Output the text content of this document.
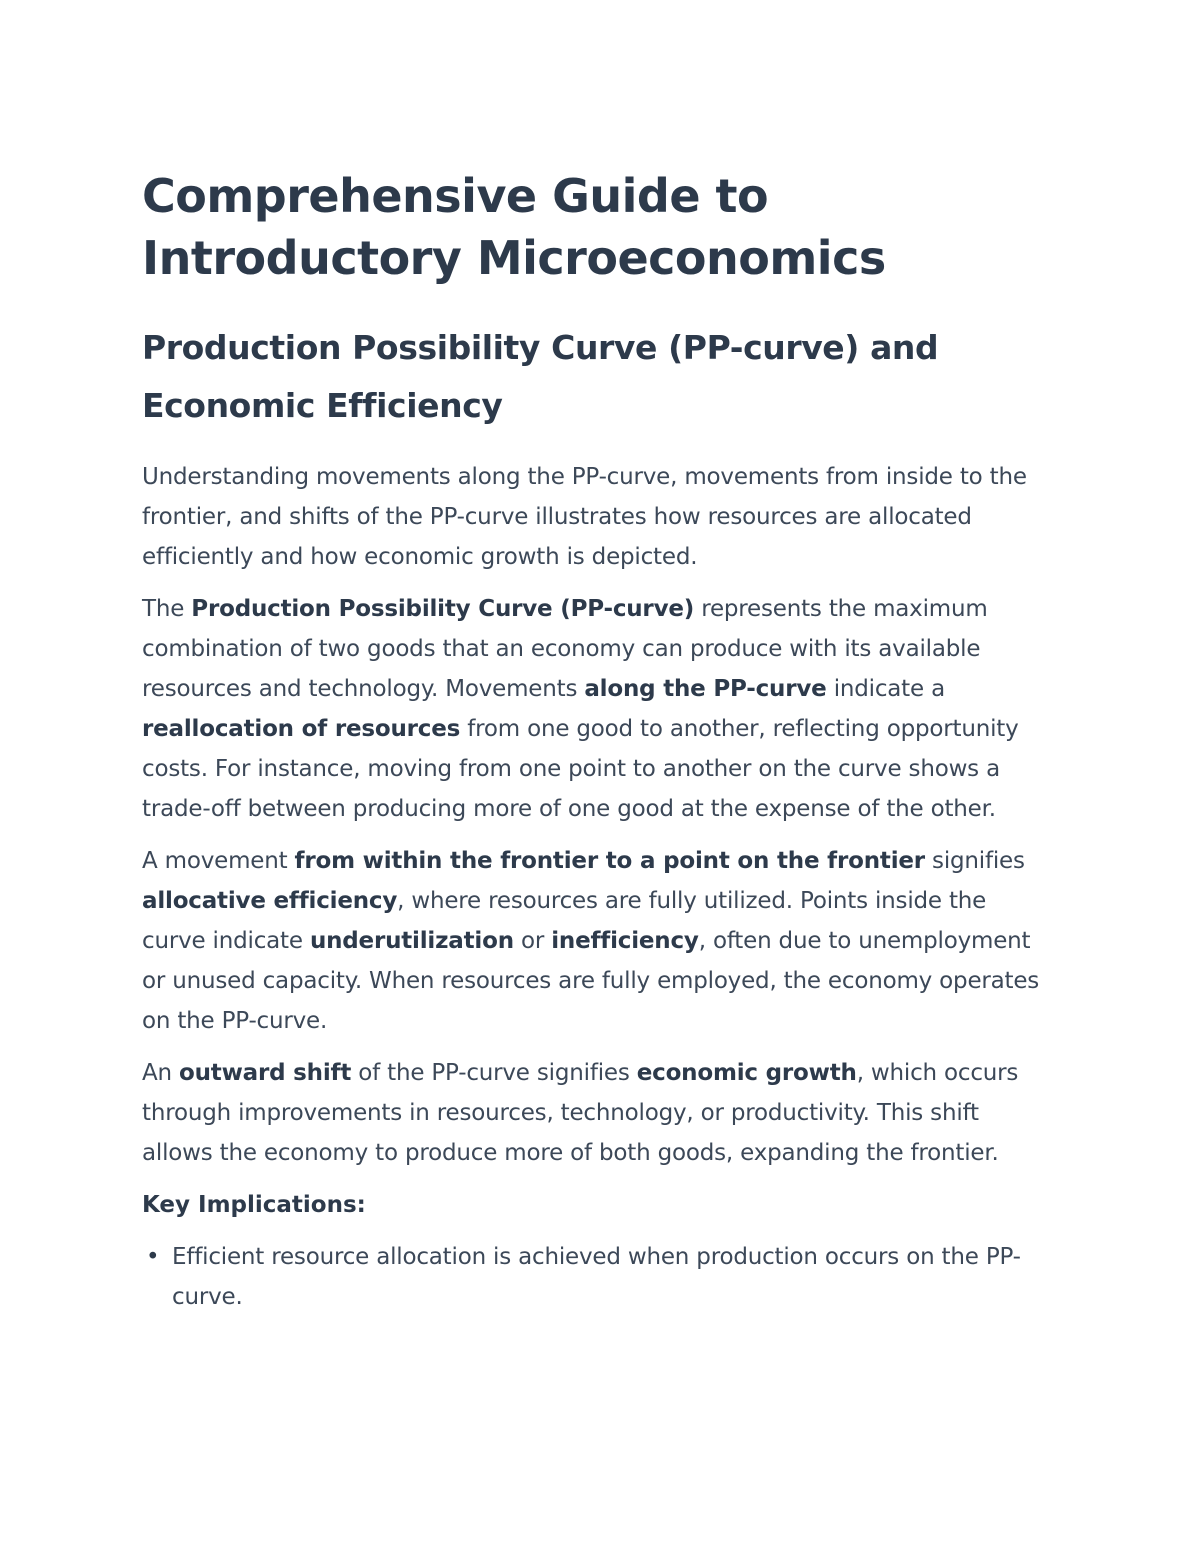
Comprehensive Guide to Introductory Microeconomics
Production Possibility Curve (PP-curve) and Economic Efficiency

Understanding movements along the PP-curve, movements from inside to the frontier, and shifts of the PP-curve illustrates how resources are allocated efficiently and how economic growth is depicted.

The Production Possibility Curve (PP-curve) represents the maximum combination of two goods that an economy can produce with its available resources and technology. Movements along the PP-curve indicate a reallocation of resources from one good to another, reflecting opportunity costs. For instance, moving from one point to another on the curve shows a trade-off between producing more of one good at the expense of the other.

A movement from within the frontier to a point on the frontier signifies allocative efficiency, where resources are fully utilized. Points inside the curve indicate underutilization or inefficiency, often due to unemployment or unused capacity. When resources are fully employed, the economy operates on the PP-curve.

An outward shift of the PP-curve signifies economic growth, which occurs through improvements in resources, technology, or productivity. This shift allows the economy to produce more of both goods, expanding the frontier.

Key Implications:
• Efficient resource allocation is achieved when production occurs on the PP-curve.
